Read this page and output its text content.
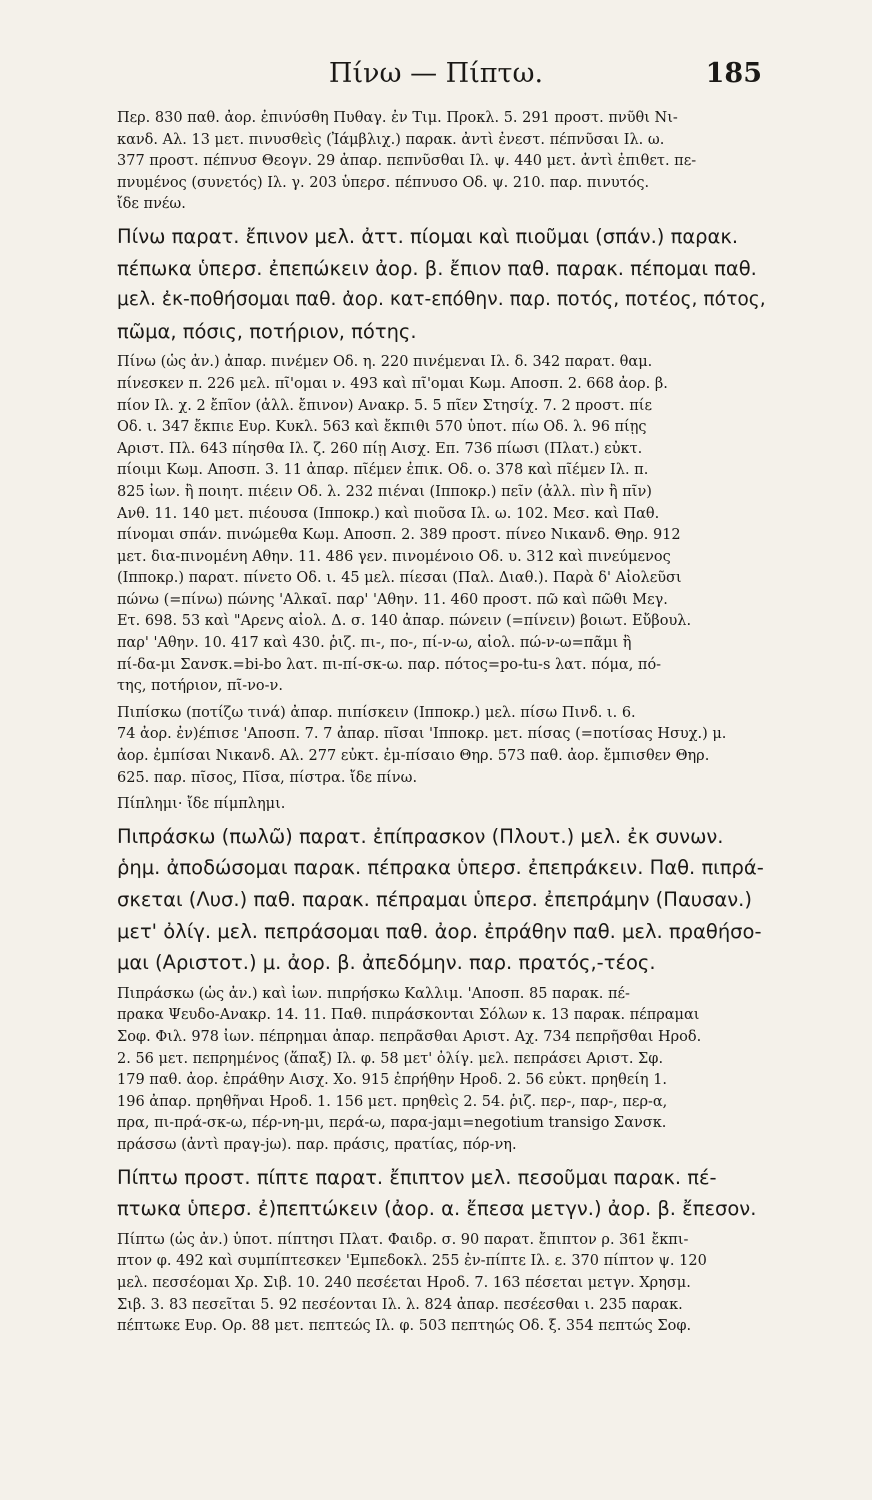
Πίνω — Πίπτω.	185

Περ. 830 παθ. ἀορ. ἐπινύσθη Πυθαγ. ἐν Τιμ. Προκλ. 5. 291 προστ. πνῦθι Νι-
κανδ. Αλ. 13 μετ. πινυσθεὶς (Ἰάμβλιχ.) παρακ. ἀντὶ ἐνεστ. πέπνῦσαι Ιλ. ω.
377 προστ. πέπνυσ Θεογν. 29 ἀπαρ. πεπνῦσθαι Ιλ. ψ. 440 μετ. ἀντὶ ἐπιθετ. πε-
πνυμένος (συνετός) Ιλ. γ. 203 ὑπερσ. πέπνυσο Οδ. ψ. 210. παρ. πινυτός.
ἴδε πνέω.

Πίνω παρατ. ἔπινον μελ. ἀττ. πίομαι καὶ πιοῦμαι (σπάν.) παρακ.
πέπωκα ὑπερσ. ἐπεπώκειν ἀορ. β. ἔπιον παθ. παρακ. πέπομαι παθ.
μελ. ἐκ-ποθήσομαι παθ. ἀορ. κατ-επόθην. παρ. ποτός, ποτέος, πότος,
πῶμα, πόσις, ποτήριον, πότης.

Πίνω (ὡς ἀν.) ἀπαρ. πινέμεν Οδ. η. 220 πινέμεναι Ιλ. δ. 342 παρατ. θαμ.
πίνεσκεν π. 226 μελ. πῖ'ομαι ν. 493 καὶ πῖ'ομαι Κωμ. Αποσπ. 2. 668 ἀορ. β.
πίον Ιλ. χ. 2 ἔπῖον (ἀλλ. ἔπινον) Ανακρ. 5. 5 πῖεν Στησίχ. 7. 2 προστ. πίε
Οδ. ι. 347 ἔκπιε Ευρ. Κυκλ. 563 καὶ ἔκπιθι 570 ὑποτ. πίω Οδ. λ. 96 πίῃς
Αριστ. Πλ. 643 πίησθα Ιλ. ζ. 260 πίῃ Αισχ. Επ. 736 πίωσι (Πλατ.) εὐκτ.
πίοιμι Κωμ. Αποσπ. 3. 11 ἀπαρ. πῖέμεν ἐπικ. Οδ. ο. 378 καὶ πῖέμεν Ιλ. π.
825 ἰων. ἢ ποιητ. πιέειν Οδ. λ. 232 πιέναι (Ιπποκρ.) πεῖν (ἀλλ. πὶν ἢ πῖν)
Ανθ. 11. 140 μετ. πιέουσα (Ιπποκρ.) καὶ πιοῦσα Ιλ. ω. 102. Μεσ. καὶ Παθ.
πίνομαι σπάν. πινώμεθα Κωμ. Αποσπ. 2. 389 προστ. πίνεο Νικανδ. Θηρ. 912
μετ. δια-πινομένη Αθην. 11. 486 γεν. πινομένοιο Οδ. υ. 312 καὶ πινεύμενος
(Ιπποκρ.) παρατ. πίνετο Οδ. ι. 45 μελ. πίεσαι (Παλ. Διαθ.). Παρὰ δ' Αἰολεῦσι
πώνω (=πίνω) πώνης 'Αλκαῖ. παρ' 'Αθην. 11. 460 προστ. πῶ καὶ πῶθι Μεγ.
Ετ. 698. 53 καὶ "Αρενς αἰολ. Δ. σ. 140 ἀπαρ. πώνειν (=πίνειν) βοιωτ. Εὔβουλ.
παρ' 'Αθην. 10. 417 καὶ 430. ῥιζ. πι-, πο-, πί-ν-ω, αἰολ. πώ-ν-ω=πᾶμι ἢ
πί-δα-μι Σανσκ.=bi-bo λατ. πι-πί-σκ-ω. παρ. πότος=po-tu-s λατ. πόμα, πό-
της, ποτήριον, πῖ-νο-ν.

Πιπίσκω (ποτίζω τινά) ἀπαρ. πιπίσκειν (Ιπποκρ.) μελ. πίσω Πινδ. ι. 6.
74 ἀορ. ἐν)έπισε 'Αποσπ. 7. 7 ἀπαρ. πῖσαι 'Ιπποκρ. μετ. πίσας (=ποτίσας Ησυχ.) μ.
ἀορ. ἐμπίσαι Νικανδ. Αλ. 277 εὐκτ. ἐμ-πίσαιο Θηρ. 573 παθ. ἀορ. ἔμπισθεν Θηρ.
625. παρ. πῖσος, Πῖσα, πίστρα. ἴδε πίνω.

Πίπλημι· ἴδε πίμπλημι.

Πιπράσκω (πωλῶ) παρατ. ἐπίπρασκον (Πλουτ.) μελ. ἐκ συνων.
ῥημ. ἀποδώσομαι παρακ. πέπρακα ὑπερσ. ἐπεπράκειν. Παθ. πιπρά-
σκεται (Λυσ.) παθ. παρακ. πέπραμαι ὑπερσ. ἐπεπράμην (Παυσαν.)
μετ' ὀλίγ. μελ. πεπράσομαι παθ. ἀορ. ἐπράθην παθ. μελ. πραθήσο-
μαι (Αριστοτ.) μ. ἀορ. β. ἀπεδόμην. παρ. πρατός,-τέος.

Πιπράσκω (ὡς ἀν.) καὶ ἰων. πιπρήσκω Καλλιμ. 'Αποσπ. 85 παρακ. πέ-
πρακα Ψευδο-Ανακρ. 14. 11. Παθ. πιπράσκονται Σόλων κ. 13 παρακ. πέπραμαι
Σοφ. Φιλ. 978 ἰων. πέπρημαι ἀπαρ. πεπρᾶσθαι Αριστ. Αχ. 734 πεπρῆσθαι Ηροδ.
2. 56 μετ. πεπρημένος (ἅπαξ) Ιλ. φ. 58 μετ' ὀλίγ. μελ. πεπράσει Αριστ. Σφ.
179 παθ. ἀορ. ἐπράθην Αισχ. Χο. 915 ἐπρήθην Ηροδ. 2. 56 εὐκτ. πρηθείη 1.
196 ἀπαρ. πρηθῆναι Ηροδ. 1. 156 μετ. πρηθεὶς 2. 54. ῥιζ. περ-, παρ-, περ-α,
πρα, πι-πρά-σκ-ω, πέρ-νη-μι, περά-ω, παρα-jαμι=negotium transigo Σανσκ.
πράσσω (ἀντὶ πραγ-jω). παρ. πράσις, πρατίας, πόρ-νη.

Πίπτω προστ. πίπτε παρατ. ἔπιπτον μελ. πεσοῦμαι παρακ. πέ-
πτωκα ὑπερσ. ἐ)πεπτώκειν (ἀορ. α. ἔπεσα μετγν.) ἀορ. β. ἔπεσον.

Πίπτω (ὡς ἀν.) ὑποτ. πίπτησι Πλατ. Φαιδρ. σ. 90 παρατ. ἔπιπτον ρ. 361 ἔκπι-
πτον φ. 492 καὶ συμπίπτεσκεν 'Εμπεδοκλ. 255 ἐν-πίπτε Ιλ. ε. 370 πίπτον ψ. 120
μελ. πεσσέομαι Χρ. Σιβ. 10. 240 πεσέεται Ηροδ. 7. 163 πέσεται μετγν. Χρησμ.
Σιβ. 3. 83 πεσεῖται 5. 92 πεσέονται Ιλ. λ. 824 ἀπαρ. πεσέεσθαι ι. 235 παρακ.
πέπτωκε Ευρ. Ορ. 88 μετ. πεπτεώς Ιλ. φ. 503 πεπτηώς Οδ. ξ. 354 πεπτώς Σοφ.
